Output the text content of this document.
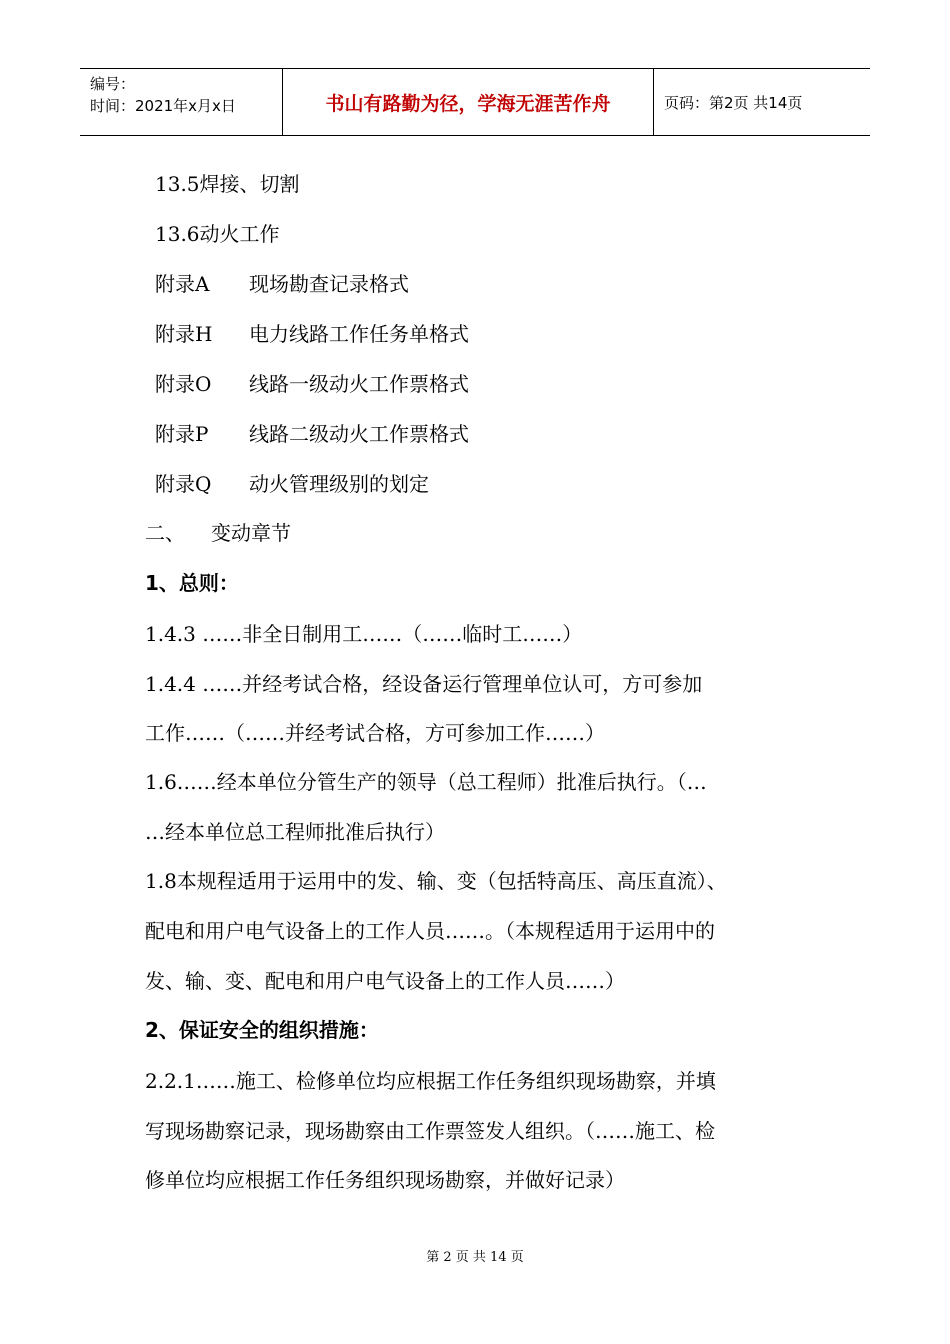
编号：
时间：2021年x月x日	书山有路勤为径，学海无涯苦作舟	页码：第2页 共14页
13.5焊接、切割
13.6动火工作
附录A 现场勘查记录格式
附录H 电力线路工作任务单格式
附录O 线路一级动火工作票格式
附录P 线路二级动火工作票格式
附录Q 动火管理级别的划定
二、 变动章节
1、总则：
1.4.3 ……非全日制用工……（……临时工……）
1.4.4 ……并经考试合格，经设备运行管理单位认可，方可参加
工作……（……并经考试合格，方可参加工作……）
1.6……经本单位分管生产的领导（总工程师）批准后执行。（…
…经本单位总工程师批准后执行）
1.8本规程适用于运用中的发、输、变（包括特高压、高压直流）、
配电和用户电气设备上的工作人员……。（本规程适用于运用中的
发、输、变、配电和用户电气设备上的工作人员……）
2、保证安全的组织措施：
2.2.1……施工、检修单位均应根据工作任务组织现场勘察，并填
写现场勘察记录，现场勘察由工作票签发人组织。（……施工、检
修单位均应根据工作任务组织现场勘察，并做好记录）
第 2 页 共 14 页
